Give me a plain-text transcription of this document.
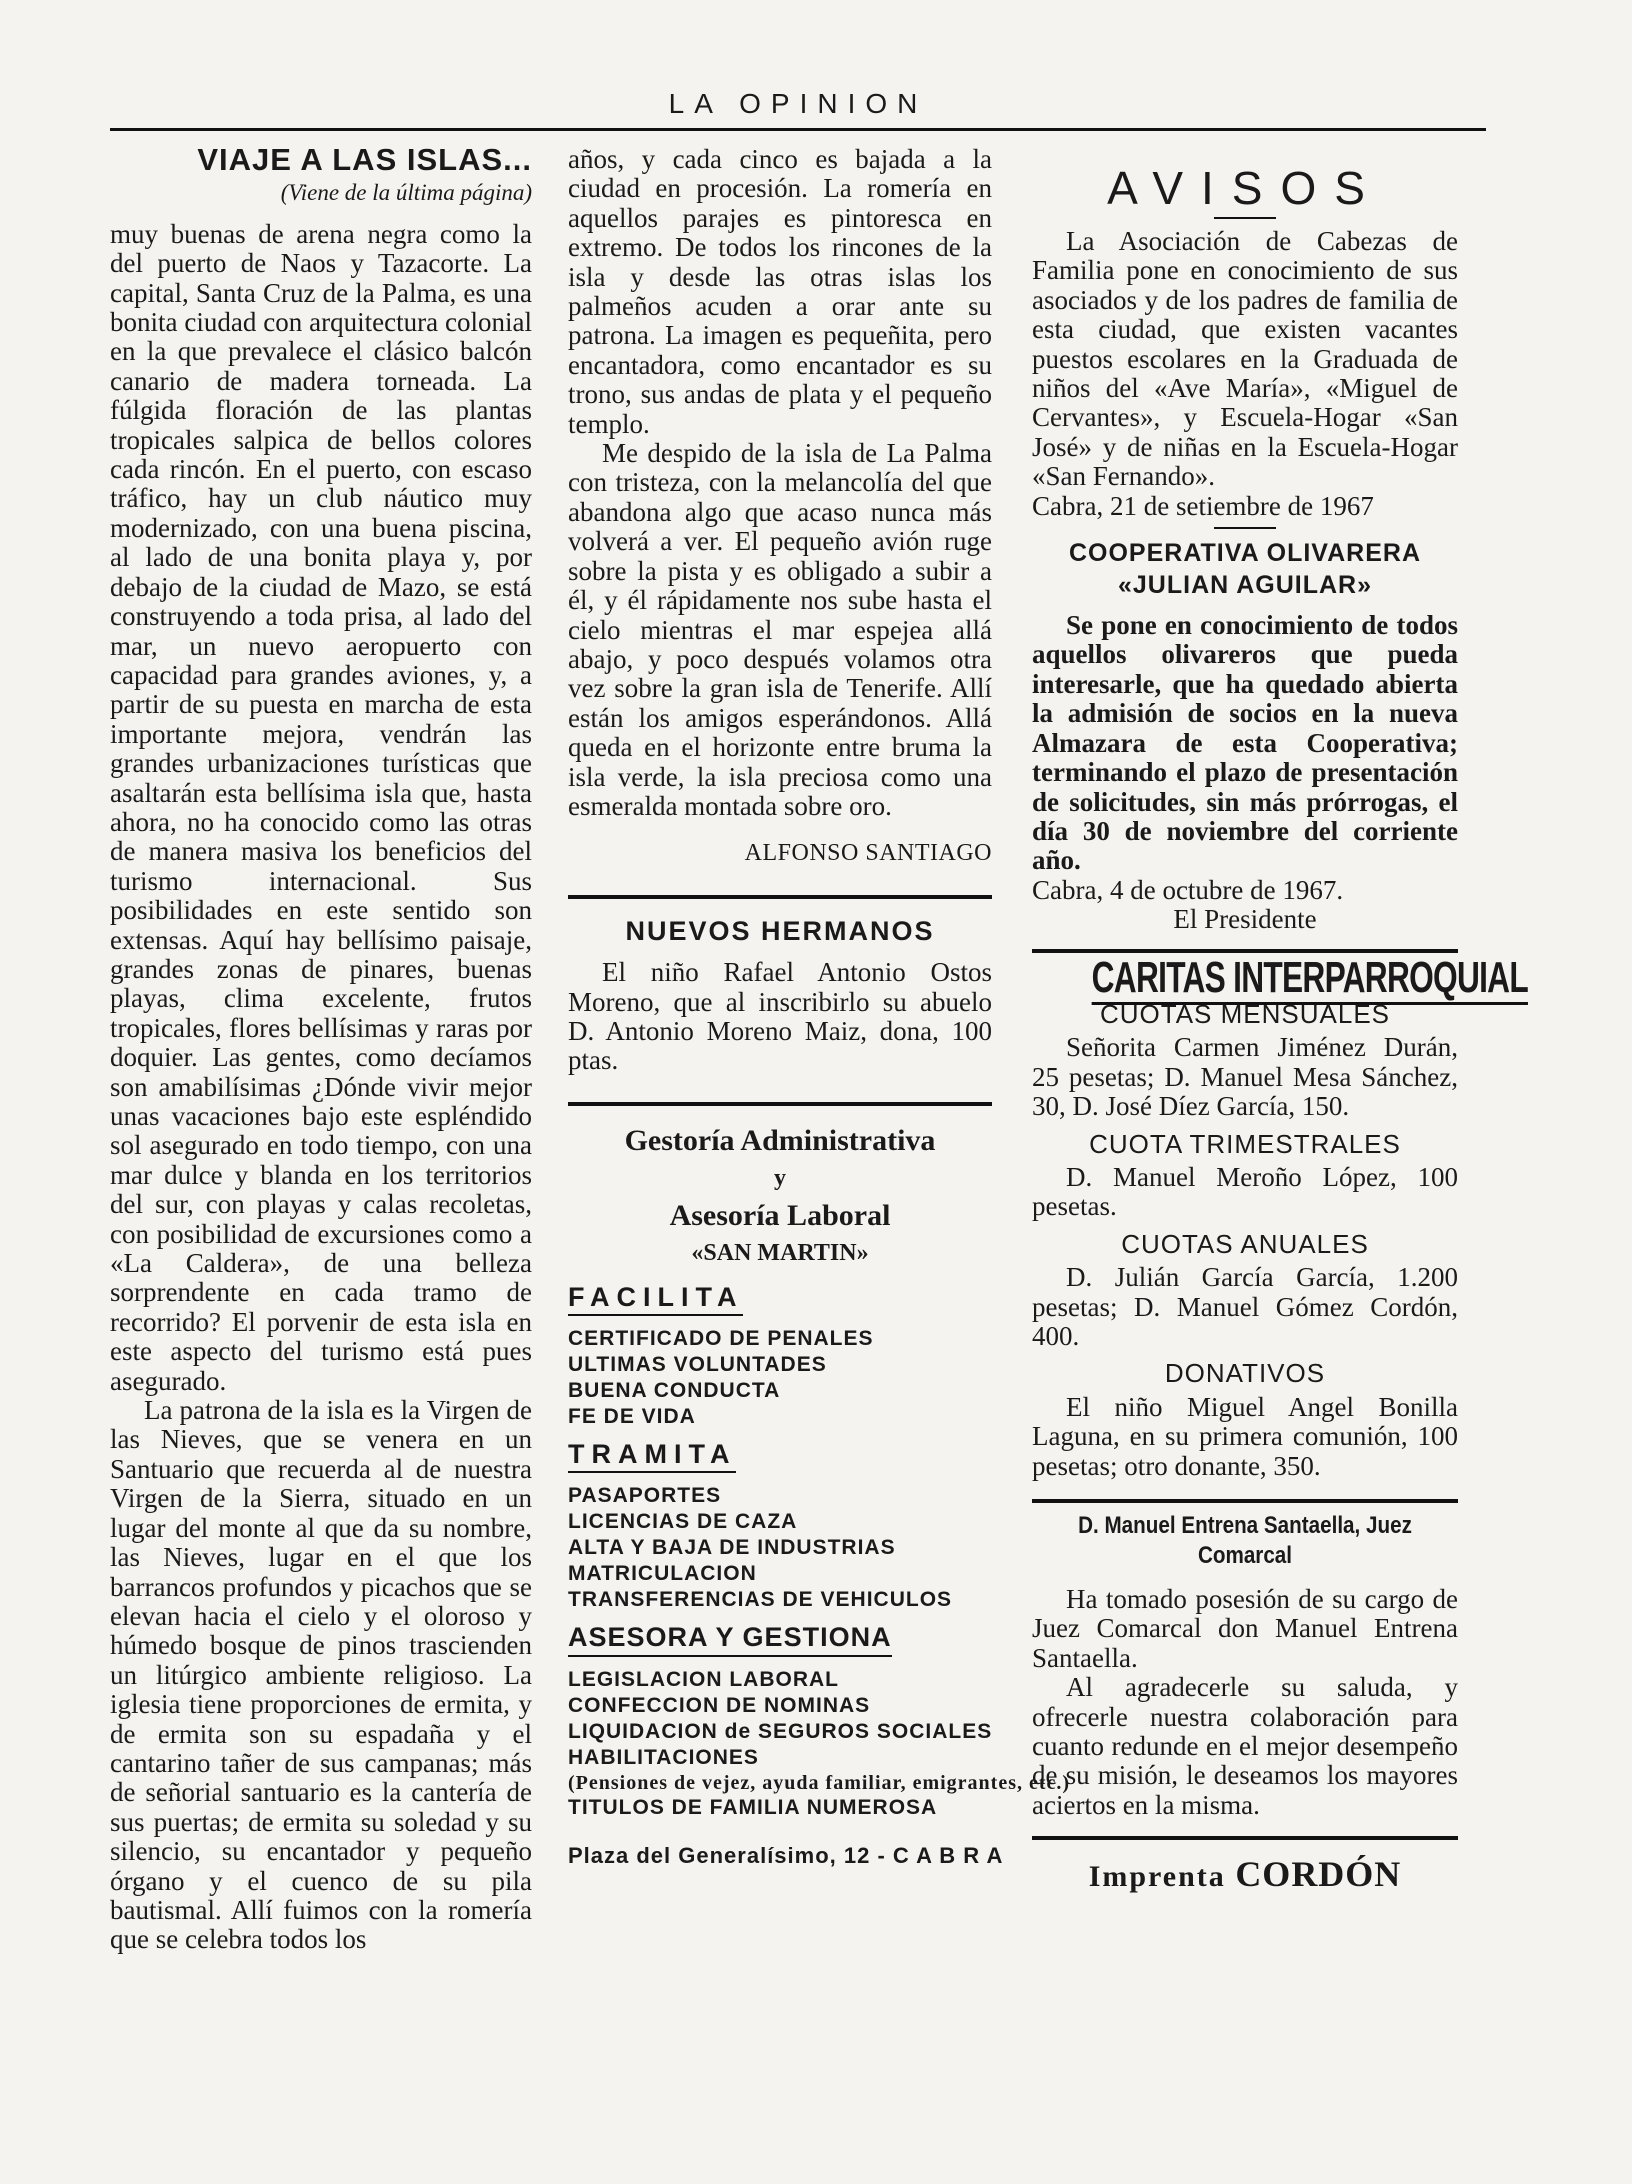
LA OPINION
VIAJE A LAS ISLAS...
(Viene de la última página)

muy buenas de arena negra como la del puerto de Naos y Tazacorte. La capital, Santa Cruz de la Palma, es una bonita ciudad con arquitectura colonial en la que prevalece el clásico balcón canario de madera torneada. La fúlgida floración de las plantas tropicales salpica de bellos colores cada rincón. En el puerto, con escaso tráfico, hay un club náutico muy modernizado, con una buena piscina, al lado de una bonita playa y, por debajo de la ciudad de Mazo, se está construyendo a toda prisa, al lado del mar, un nuevo aeropuerto con capacidad para grandes aviones, y, a partir de su puesta en marcha de esta importante mejora, vendrán las grandes urbanizaciones turísticas que asaltarán esta bellísima isla que, hasta ahora, no ha conocido como las otras de manera masiva los beneficios del turismo internacional. Sus posibilidades en este sentido son extensas. Aquí hay bellísimo paisaje, grandes zonas de pinares, buenas playas, clima excelente, frutos tropicales, flores bellísimas y raras por doquier. Las gentes, como decíamos son amabilísimas ¿Dónde vivir mejor unas vacaciones bajo este espléndido sol asegurado en todo tiempo, con una mar dulce y blanda en los territorios del sur, con playas y calas recoletas, con posibilidad de excursiones como a «La Caldera», de una belleza sorprendente en cada tramo de recorrido? El porvenir de esta isla en este aspecto del turismo está pues asegurado.

La patrona de la isla es la Virgen de las Nieves, que se venera en un Santuario que recuerda al de nuestra Virgen de la Sierra, situado en un lugar del monte al que da su nombre, las Nieves, lugar en el que los barrancos profundos y picachos que se elevan hacia el cielo y el oloroso y húmedo bosque de pinos trascienden un litúrgico ambiente religioso. La iglesia tiene proporciones de ermita, y de ermita son su espadaña y el cantarino tañer de sus campanas; más de señorial santuario es la cantería de sus puertas; de ermita su soledad y su silencio, su encantador y pequeño órgano y el cuenco de su pila bautismal. Allí fuimos con la romería que se celebra todos los

años, y cada cinco es bajada a la ciudad en procesión. La romería en aquellos parajes es pintoresca en extremo. De todos los rincones de la isla y desde las otras islas los palmeños acuden a orar ante su patrona. La imagen es pequeñita, pero encantadora, como encantador es su trono, sus andas de plata y el pequeño templo.

Me despido de la isla de La Palma con tristeza, con la melancolía del que abandona algo que acaso nunca más volverá a ver. El pequeño avión ruge sobre la pista y es obligado a subir a él, y él rápidamente nos sube hasta el cielo mientras el mar espejea allá abajo, y poco después volamos otra vez sobre la gran isla de Tenerife. Allí están los amigos esperándonos. Allá queda en el horizonte entre bruma la isla verde, la isla preciosa como una esmeralda montada sobre oro.

ALFONSO SANTIAGO
NUEVOS HERMANOS

El niño Rafael Antonio Ostos Moreno, que al inscribirlo su abuelo D. Antonio Moreno Maiz, dona, 100 ptas.

Gestoría Administrativa
y
Asesoría Laboral
«SAN MARTIN»
FACILITA
CERTIFICADO DE PENALES
ULTIMAS VOLUNTADES
BUENA CONDUCTA
FE DE VIDA
TRAMITA
PASAPORTES
LICENCIAS DE CAZA
ALTA Y BAJA DE INDUSTRIAS
MATRICULACION
TRANSFERENCIAS DE VEHICULOS
ASESORA Y GESTIONA
LEGISLACION LABORAL
CONFECCION DE NOMINAS
LIQUIDACION de SEGUROS SOCIALES
HABILITACIONES
(Pensiones de vejez, ayuda familiar, emigrantes, etc.)
TITULOS DE FAMILIA NUMEROSA
Plaza del Generalísimo, 12 - C A B R A
AVISOS

La Asociación de Cabezas de Familia pone en conocimiento de sus asociados y de los padres de familia de esta ciudad, que existen vacantes puestos escolares en la Graduada de niños del «Ave María», «Miguel de Cervantes», y Escuela-Hogar «San José» y de niñas en la Escuela-Hogar «San Fernando».

Cabra, 21 de setiembre de 1967

COOPERATIVA OLIVARERA
«JULIAN AGUILAR»

Se pone en conocimiento de todos aquellos olivareros que pueda interesarle, que ha quedado abierta la admisión de socios en la nueva Almazara de esta Cooperativa; terminando el plazo de presentación de solicitudes, sin más prórrogas, el día 30 de noviembre del corriente año.

Cabra, 4 de octubre de 1967.

El Presidente

CARITAS INTERPARROQUIAL
CUOTAS MENSUALES

Señorita Carmen Jiménez Durán, 25 pesetas; D. Manuel Mesa Sánchez, 30, D. José Díez García, 150.

CUOTA TRIMESTRALES

D. Manuel Meroño López, 100 pesetas.

CUOTAS ANUALES

D. Julián García García, 1.200 pesetas; D. Manuel Gómez Cordón, 400.

DONATIVOS

El niño Miguel Angel Bonilla Laguna, en su primera comunión, 100 pesetas; otro donante, 350.

D. Manuel Entrena Santaella, Juez Comarcal

Ha tomado posesión de su cargo de Juez Comarcal don Manuel Entrena Santaella.

Al agradecerle su saluda, y ofrecerle nuestra colaboración para cuanto redunde en el mejor desempeño de su misión, le deseamos los mayores aciertos en la misma.

Imprenta CORDÓN
